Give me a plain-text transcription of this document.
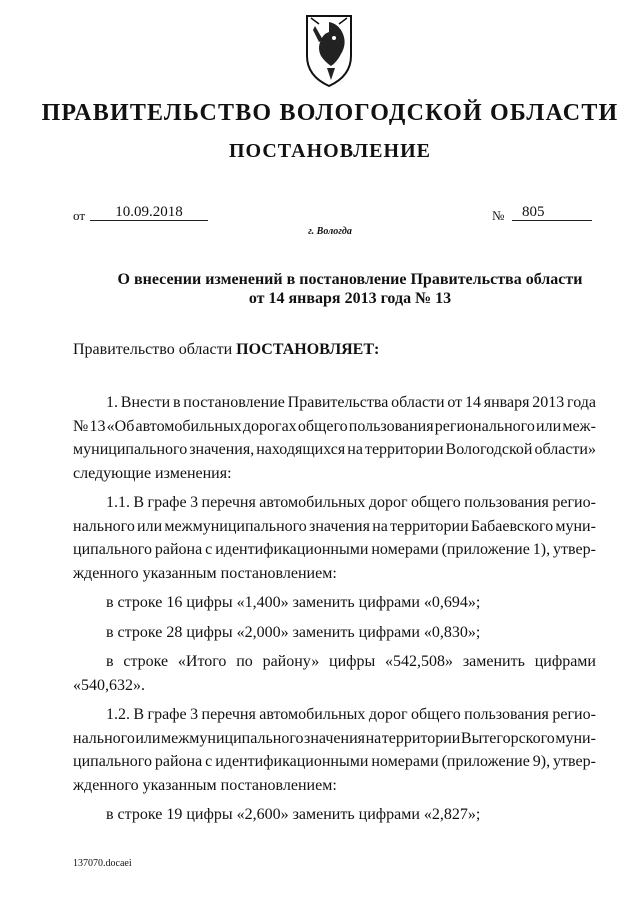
ПРАВИТЕЛЬСТВО ВОЛОГОДСКОЙ ОБЛАСТИ
ПОСТАНОВЛЕНИЕ
от	10.09.2018	№	805
г. Вологда
О внесении изменений в постановление Правительства области
от 14 января 2013 года № 13
Правительство области ПОСТАНОВЛЯЕТ:
1. Внести в постановление Правительства области от 14 января 2013 года
№ 13 «Об автомобильных дорогах общего пользования регионального или меж-
муниципального значения, находящихся на территории Вологодской области»
следующие изменения:
1.1. В графе 3 перечня автомобильных дорог общего пользования регио-
нального или межмуниципального значения на территории Бабаевского муни-
ципального района с идентификационными номерами (приложение 1), утвер-
жденного указанным постановлением:
в строке 16 цифры «1,400» заменить цифрами «0,694»;
в строке 28 цифры «2,000» заменить цифрами «0,830»;
в строке «Итого по району» цифры «542,508» заменить цифрами
«540,632».
1.2. В графе 3 перечня автомобильных дорог общего пользования регио-
нального или межмуниципального значения на территории Вытегорского муни-
ципального района с идентификационными номерами (приложение 9), утвер-
жденного указанным постановлением:
в строке 19 цифры «2,600» заменить цифрами «2,827»;
137070.docaei
